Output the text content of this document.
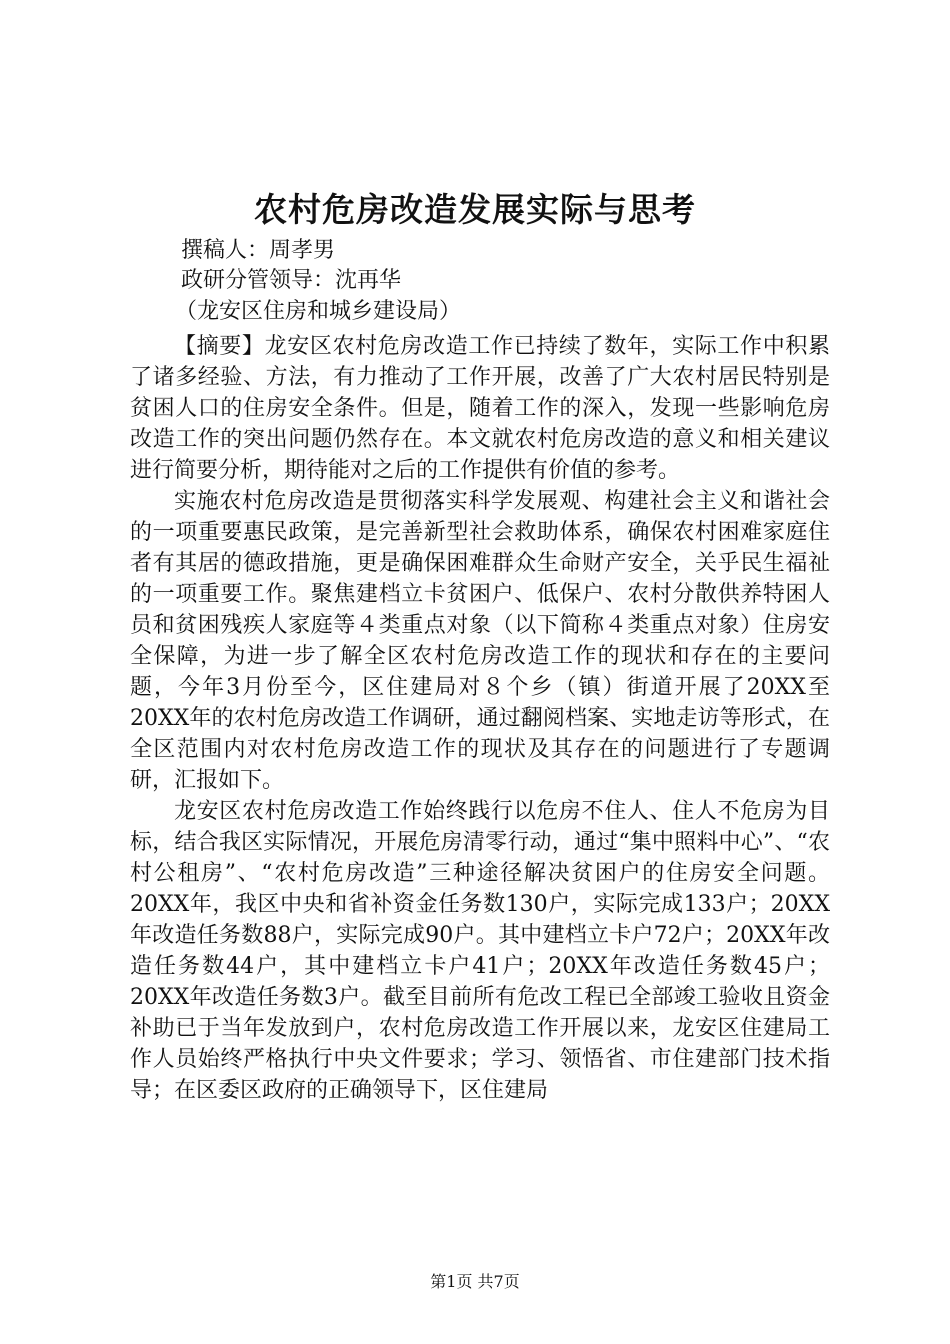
农村危房改造发展实际与思考
撰稿人：周孝男
政研分管领导：沈再华
（龙安区住房和城乡建设局）

【摘要】龙安区农村危房改造工作已持续了数年，实际工作中积累了诸多经验、方法，有力推动了工作开展，改善了广大农村居民特别是贫困人口的住房安全条件。但是，随着工作的深入，发现一些影响危房改造工作的突出问题仍然存在。本文就农村危房改造的意义和相关建议进行简要分析，期待能对之后的工作提供有价值的参考。

实施农村危房改造是贯彻落实科学发展观、构建社会主义和谐社会的一项重要惠民政策，是完善新型社会救助体系，确保农村困难家庭住者有其居的德政措施，更是确保困难群众生命财产安全，关乎民生福祉的一项重要工作。聚焦建档立卡贫困户、低保户、农村分散供养特困人员和贫困残疾人家庭等４类重点对象（以下简称４类重点对象）住房安全保障，为进一步了解全区农村危房改造工作的现状和存在的主要问题，今年3月份至今，区住建局对８个乡（镇）街道开展了20XX至20XX年的农村危房改造工作调研，通过翻阅档案、实地走访等形式，在全区范围内对农村危房改造工作的现状及其存在的问题进行了专题调研，汇报如下。

龙安区农村危房改造工作始终践行以危房不住人、住人不危房为目标，结合我区实际情况，开展危房清零行动，通过“集中照料中心”、“农村公租房”、“农村危房改造”三种途径解决贫困户的住房安全问题。20XX年，我区中央和省补资金任务数130户，实际完成133户；20XX年改造任务数88户，实际完成90户。其中建档立卡户72户；20XX年改造任务数44户，其中建档立卡户41户；20XX年改造任务数45户；20XX年改造任务数3户。截至目前所有危改工程已全部竣工验收且资金补助已于当年发放到户，农村危房改造工作开展以来，龙安区住建局工作人员始终严格执行中央文件要求；学习、领悟省、市住建部门技术指导；在区委区政府的正确领导下，区住建局

第1页 共7页
